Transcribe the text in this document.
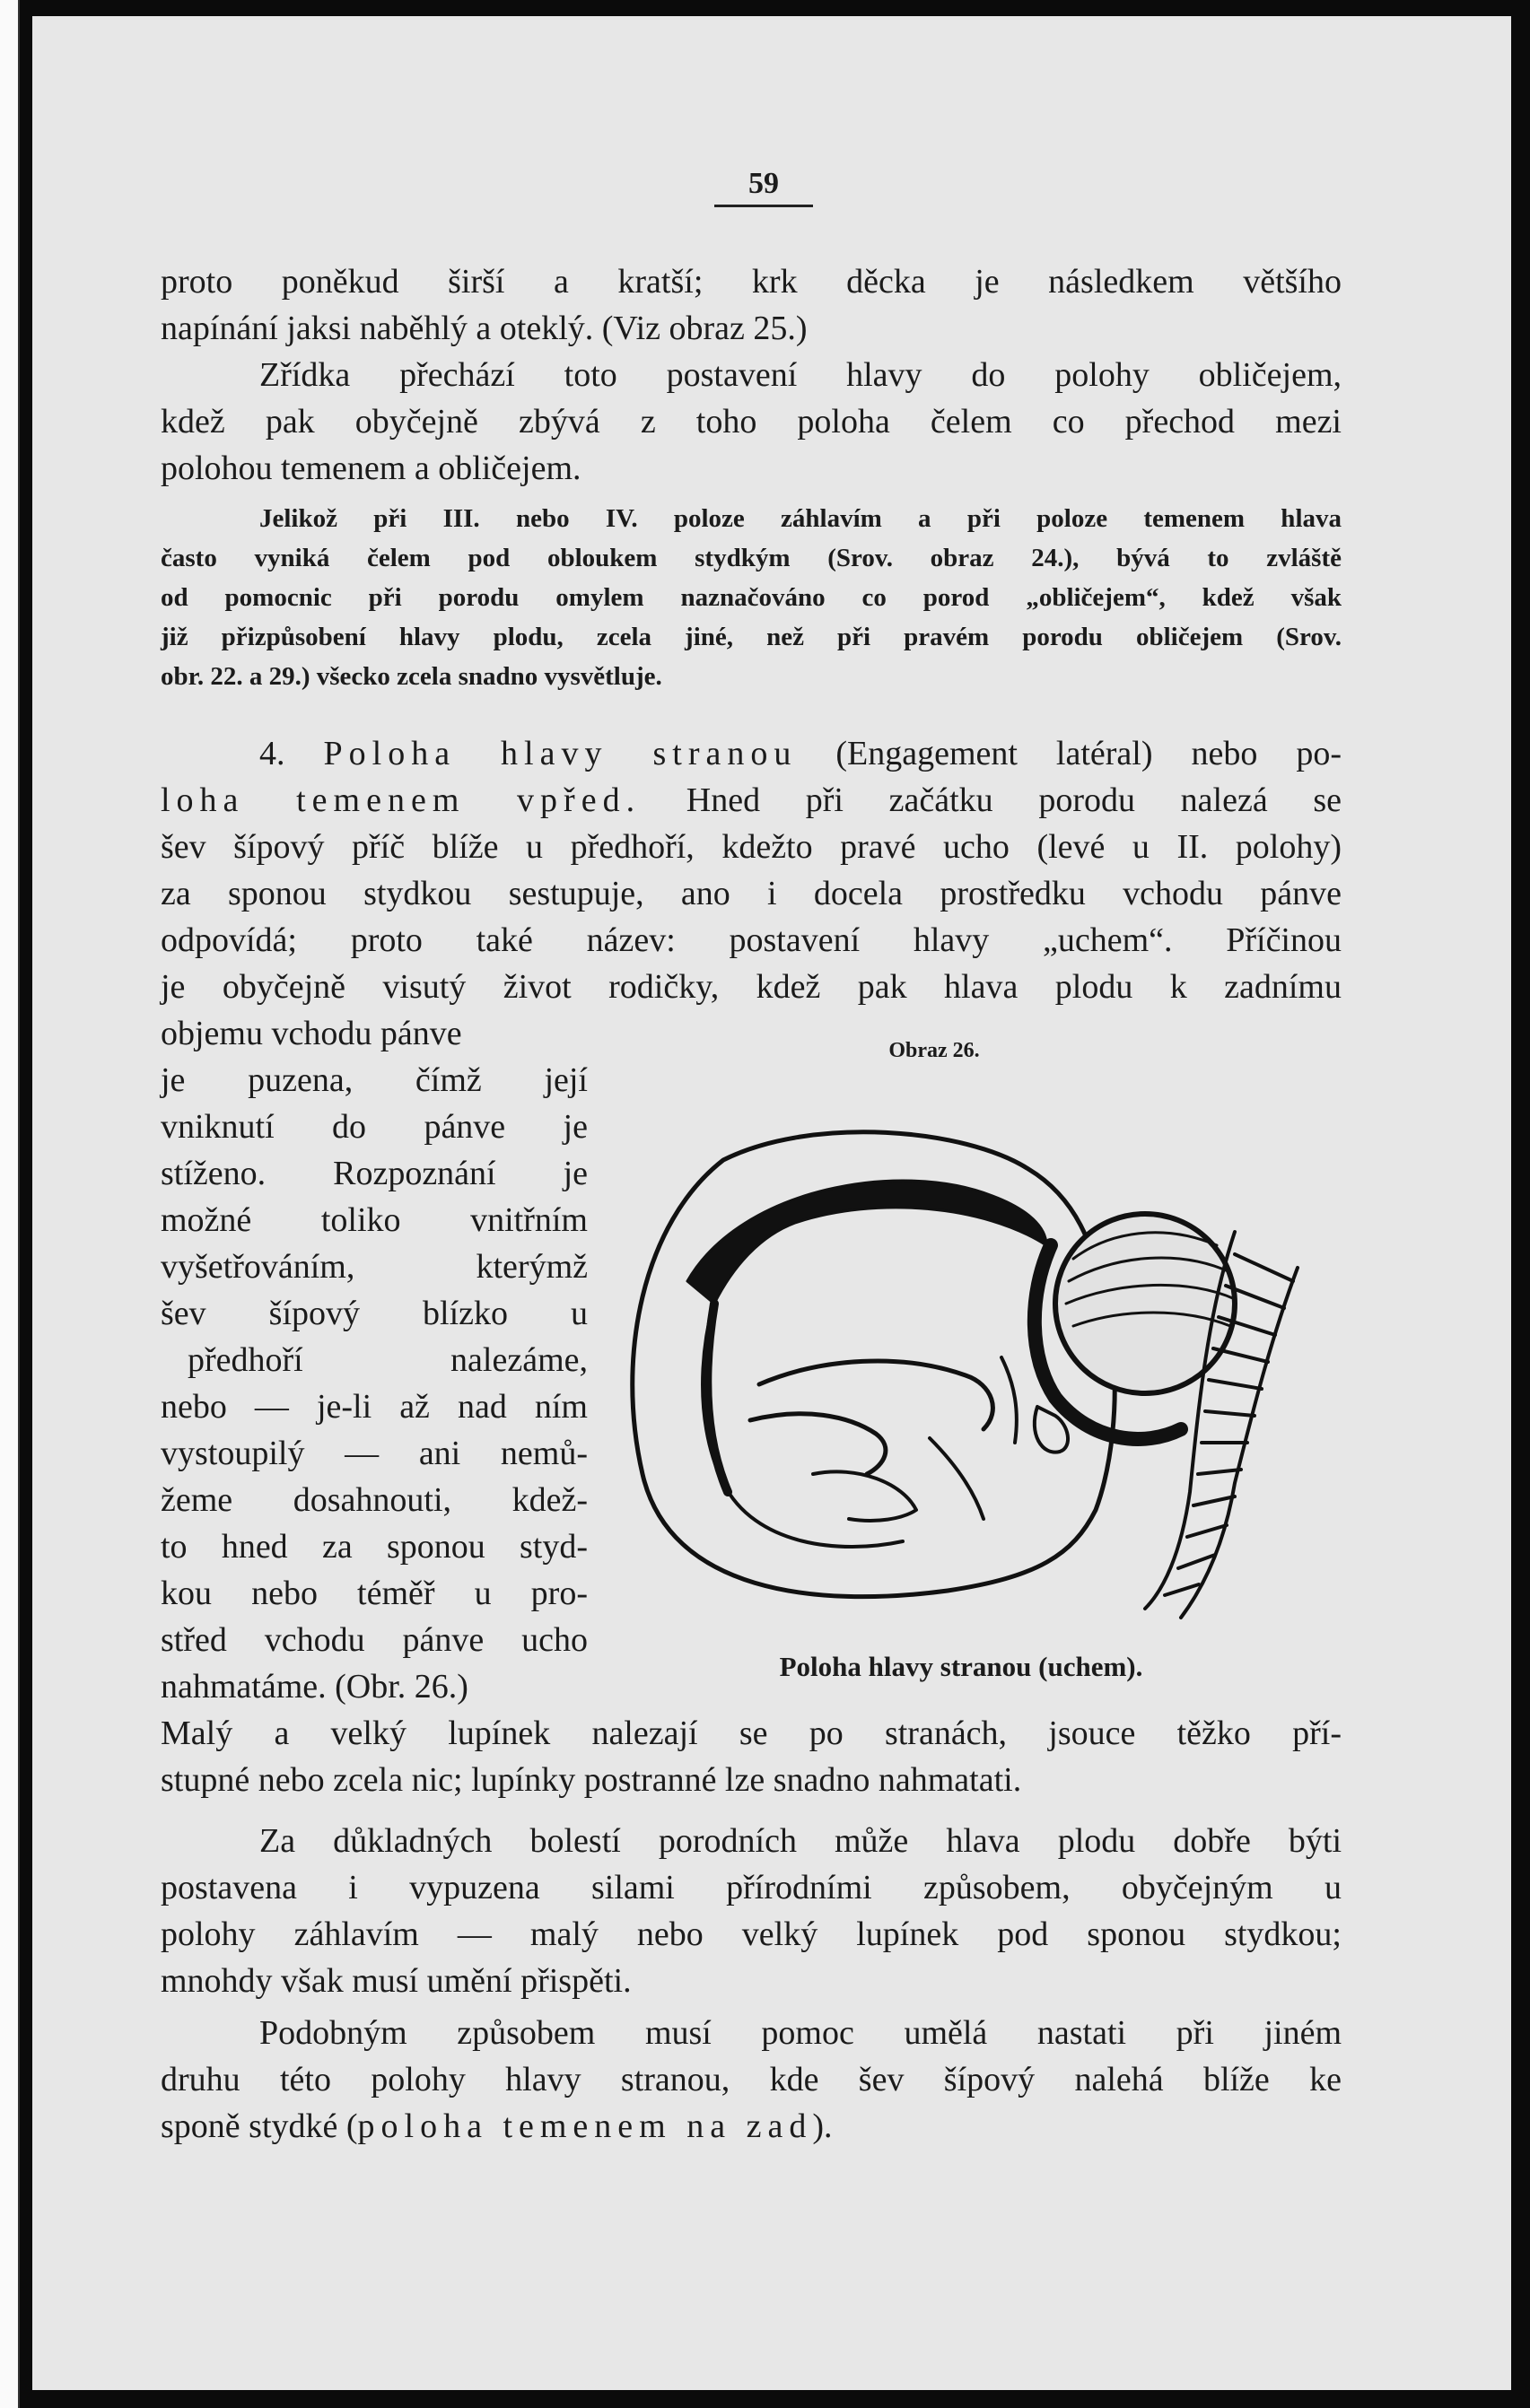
59
proto poněkud širší a kratší; krk děcka je následkem většího
napínání jaksi naběhlý a oteklý. (Viz obraz 25.)
Zřídka přechází toto postavení hlavy do polohy obličejem,
kdež pak obyčejně zbývá z toho poloha čelem co přechod mezi
polohou temenem a obličejem.
Jelikož při III. nebo IV. poloze záhlavím a při poloze temenem hlava
často vyniká čelem pod obloukem stydkým (Srov. obraz 24.), bývá to zvláště
od pomocnic při porodu omylem naznačováno co porod „obličejem“, kdež však
již přizpůsobení hlavy plodu, zcela jiné, než při pravém porodu obličejem (Srov.
obr. 22. a 29.) všecko zcela snadno vysvětluje.
4. Poloha hlavy stranou (Engagement latéral) nebo po-
loha temenem vpřed. Hned při začátku porodu nalezá se
šev šípový příč blíže u předhoří, kdežto pravé ucho (levé u II. polohy)
za sponou stydkou sestupuje, ano i docela prostředku vchodu pánve
odpovídá; proto také název: postavení hlavy „uchem“. Příčinou
je obyčejně visutý život rodičky, kdež pak hlava plodu k zadnímu
objemu vchodu pánve
je puzena, čímž její
vniknutí do pánve je
stíženo. Rozpoznání je
možné toliko vnitřním
vyšetřováním, kterýmž
šev šípový blízko u
předhoří nalezáme,
nebo — je-li až nad ním
vystoupilý — ani nemů-
žeme dosahnouti, kdež-
to hned za sponou styd-
kou nebo téměř u pro-
střed vchodu pánve ucho
nahmatáme. (Obr. 26.)
Obraz 26.
Poloha hlavy stranou (uchem).
Malý a velký lupínek nalezají se po stranách, jsouce těžko pří-
stupné nebo zcela nic; lupínky postranné lze snadno nahmatati.
Za důkladných bolestí porodních může hlava plodu dobře býti
postavena i vypuzena silami přírodními způsobem, obyčejným u
polohy záhlavím — malý nebo velký lupínek pod sponou stydkou;
mnohdy však musí umění přispěti.
Podobným způsobem musí pomoc umělá nastati při jiném
druhu této polohy hlavy stranou, kde šev šípový nalehá blíže ke
sponě stydké (poloha temenem na zad).
